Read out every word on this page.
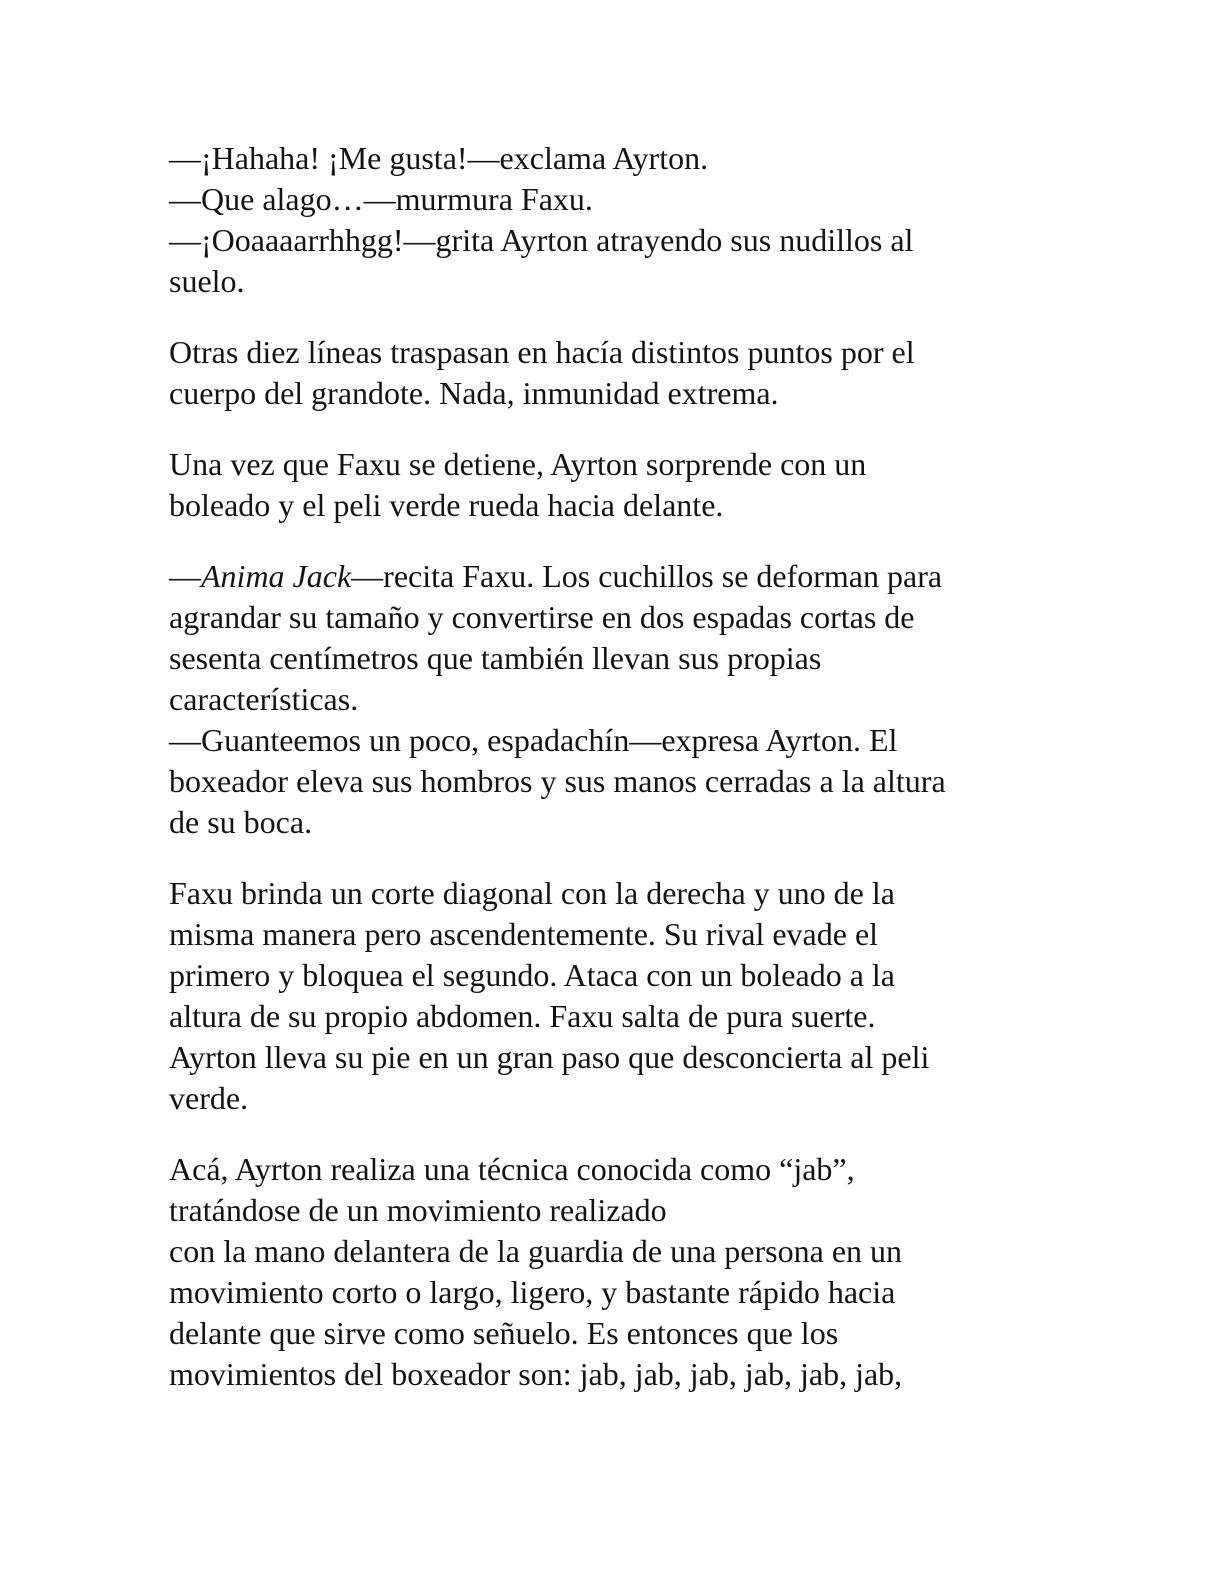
—¡Hahaha! ¡Me gusta!—exclama Ayrton.
—Que alago…—murmura Faxu.
—¡Ooaaaarrhhgg!—grita Ayrton atrayendo sus nudillos al
suelo.
Otras diez líneas traspasan en hacía distintos puntos por el
cuerpo del grandote. Nada, inmunidad extrema.
Una vez que Faxu se detiene, Ayrton sorprende con un
boleado y el peli verde rueda hacia delante.
—Anima Jack—recita Faxu. Los cuchillos se deforman para
agrandar su tamaño y convertirse en dos espadas cortas de
sesenta centímetros que también llevan sus propias
características.
—Guanteemos un poco, espadachín—expresa Ayrton. El
boxeador eleva sus hombros y sus manos cerradas a la altura
de su boca.
Faxu brinda un corte diagonal con la derecha y uno de la
misma manera pero ascendentemente. Su rival evade el
primero y bloquea el segundo. Ataca con un boleado a la
altura de su propio abdomen. Faxu salta de pura suerte.
Ayrton lleva su pie en un gran paso que desconcierta al peli
verde.
Acá, Ayrton realiza una técnica conocida como “jab”,
tratándose de un movimiento realizado
con la mano delantera de la guardia de una persona en un
movimiento corto o largo, ligero, y bastante rápido hacia
delante que sirve como señuelo. Es entonces que los
movimientos del boxeador son: jab, jab, jab, jab, jab, jab,
